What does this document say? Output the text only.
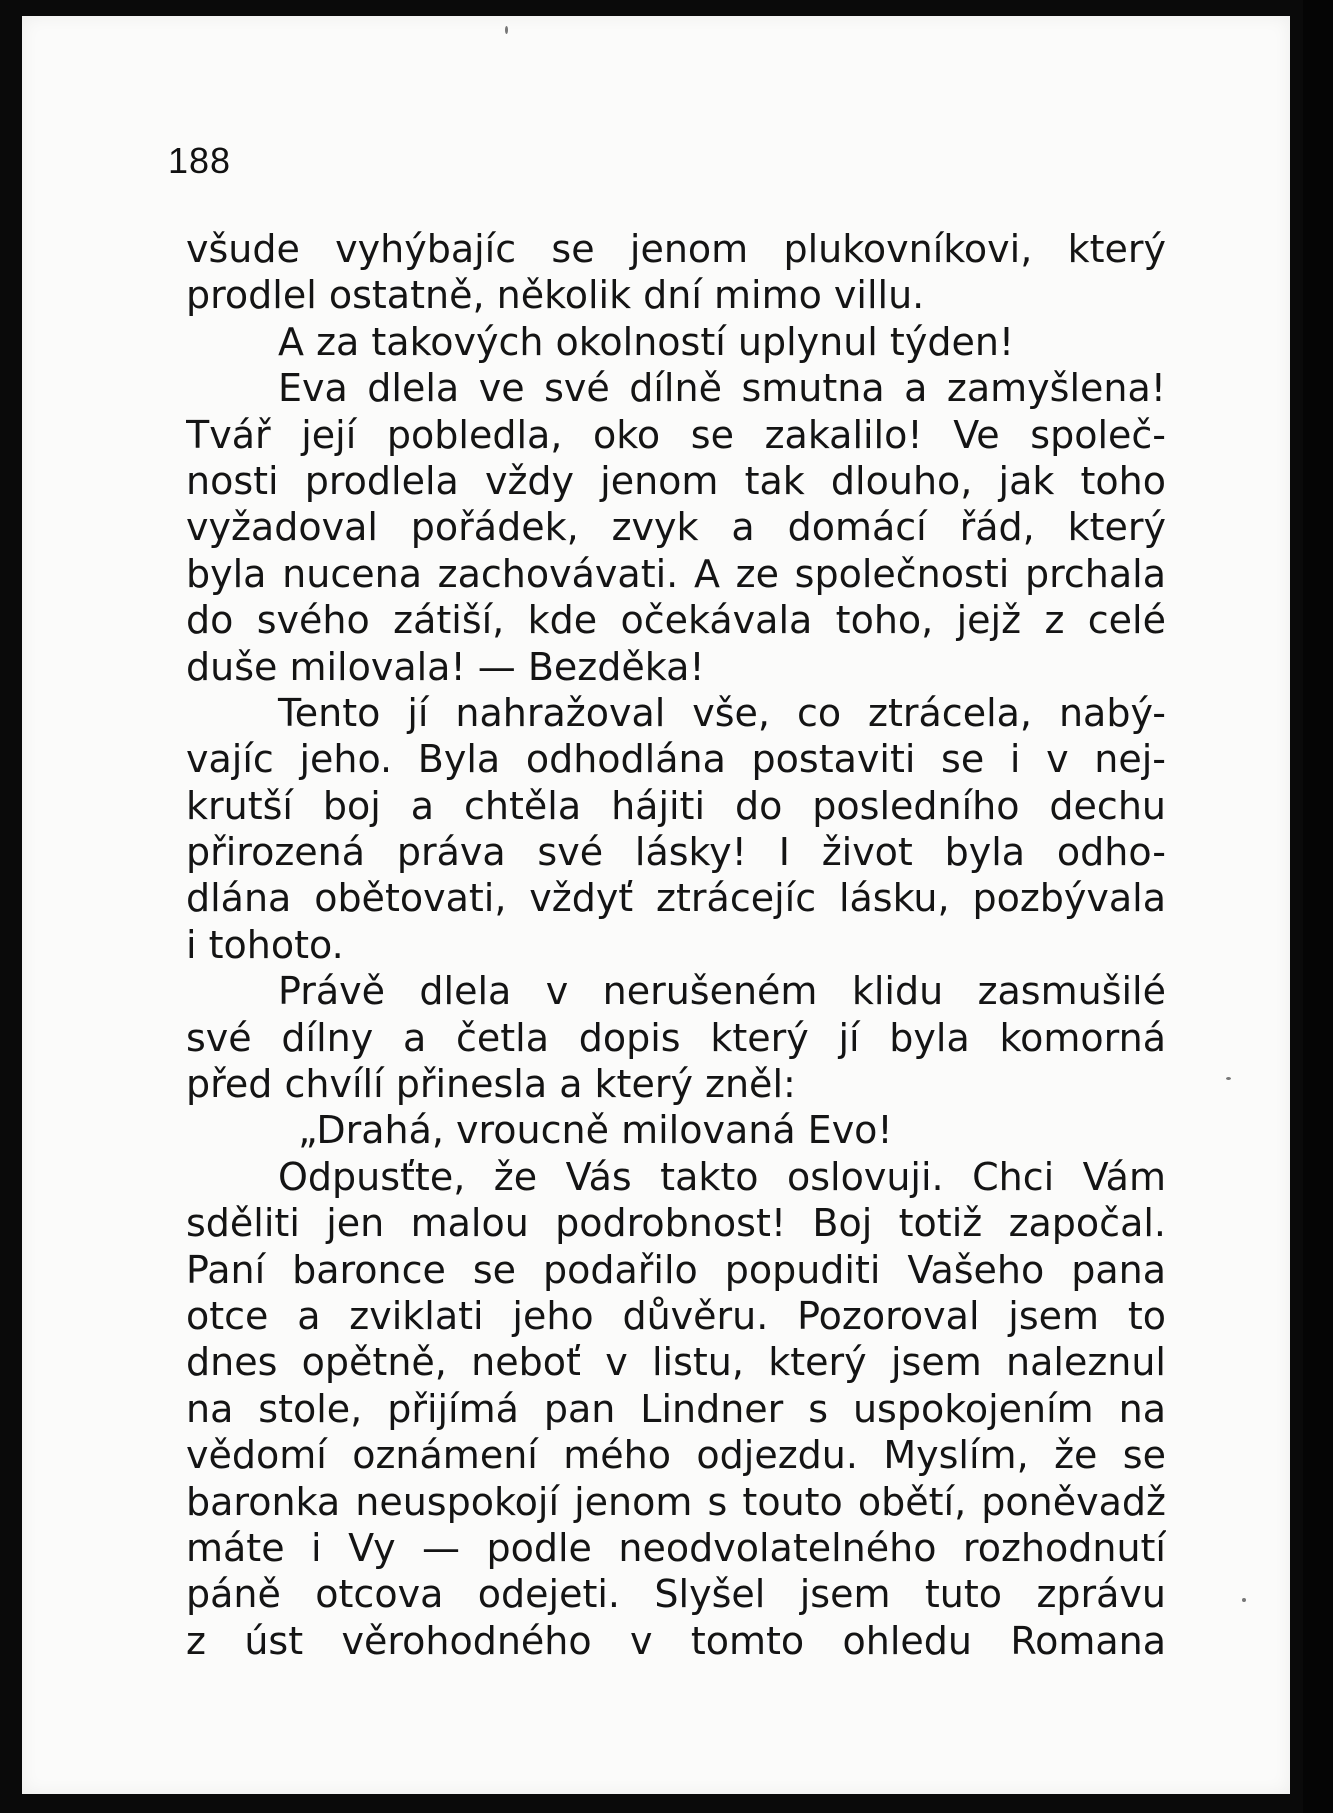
188
všude vyhýbajíc se jenom plukovníkovi, který
prodlel ostatně, několik dní mimo villu.
A za takových okolností uplynul týden!
Eva dlela ve své dílně smutna a zamyšlena!
Tvář její pobledla, oko se zakalilo! Ve společ-
nosti prodlela vždy jenom tak dlouho, jak toho
vyžadoval pořádek, zvyk a domácí řád, který
byla nucena zachovávati. A ze společnosti prchala
do svého zátiší, kde očekávala toho, jejž z celé
duše milovala! — Bezděka!
Tento jí nahražoval vše, co ztrácela, nabý-
vajíc jeho. Byla odhodlána postaviti se i v nej-
krutší boj a chtěla hájiti do posledního dechu
přirozená práva své lásky! I život byla odho-
dlána obětovati, vždyť ztrácejíc lásku, pozbývala
i tohoto.
Právě dlela v nerušeném klidu zasmušilé
své dílny a četla dopis který jí byla komorná
před chvílí přinesla a který zněl:
„Drahá, vroucně milovaná Evo!
Odpusťte, že Vás takto oslovuji. Chci Vám
sděliti jen malou podrobnost! Boj totiž započal.
Paní baronce se podařilo popuditi Vašeho pana
otce a zviklati jeho důvěru. Pozoroval jsem to
dnes opětně, neboť v listu, který jsem naleznul
na stole, přijímá pan Lindner s uspokojením na
vědomí oznámení mého odjezdu. Myslím, že se
baronka neuspokojí jenom s touto obětí, poněvadž
máte i Vy — podle neodvolatelného rozhodnutí
páně otcova odejeti. Slyšel jsem tuto zprávu
z úst věrohodného v tomto ohledu Romana
